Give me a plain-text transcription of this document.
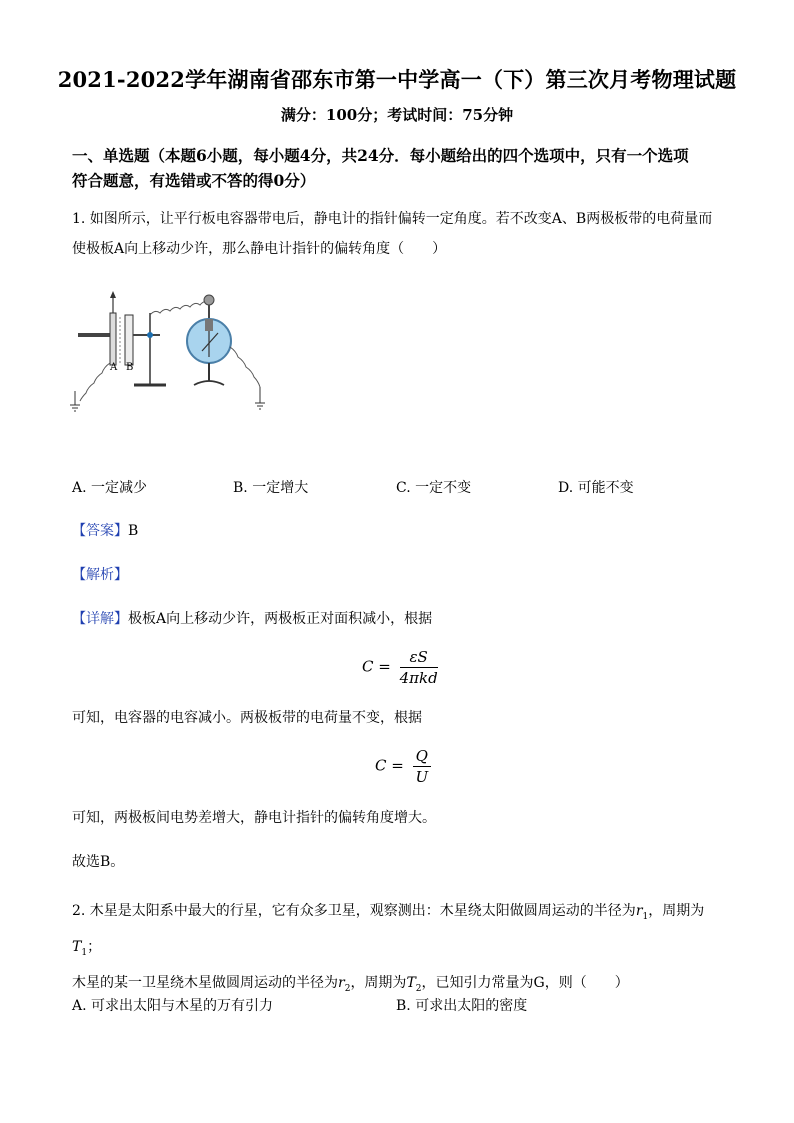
2021-2022学年湖南省邵东市第一中学高一（下）第三次月考物理试题
满分：100分；考试时间：75分钟
一、单选题（本题6小题，每小题4分，共24分．每小题给出的四个选项中，只有一个选项
符合题意，有选错或不答的得0分）
1. 如图所示，让平行板电容器带电后，静电计的指针偏转一定角度。若不改变A、B两极板带的电荷量而
使极板A向上移动少许，那么静电计指针的偏转角度（　　）
A B
A. 一定减少	B. 一定增大	C. 一定不变	D. 可能不变
【答案】B
【解析】
【详解】极板A向上移动少许，两极板正对面积减小，根据
$C = \frac{\varepsilon S}{\text{4πkd}}$
可知，电容器的电容减小。两极板带的电荷量不变，根据
$C = \frac{Q}{U}$
可知，两极板间电势差增大，静电计指针的偏转角度增大。
故选B。
2. 木星是太阳系中最大的行星，它有众多卫星，观察测出：木星绕太阳做圆周运动的半径为$r_1$，周期为$T_1$；
木星的某一卫星绕木星做圆周运动的半径为$r_2$，周期为$T_2$，已知引力常量为G，则（　　）
A. 可求出太阳与木星的万有引力	B. 可求出太阳的密度
